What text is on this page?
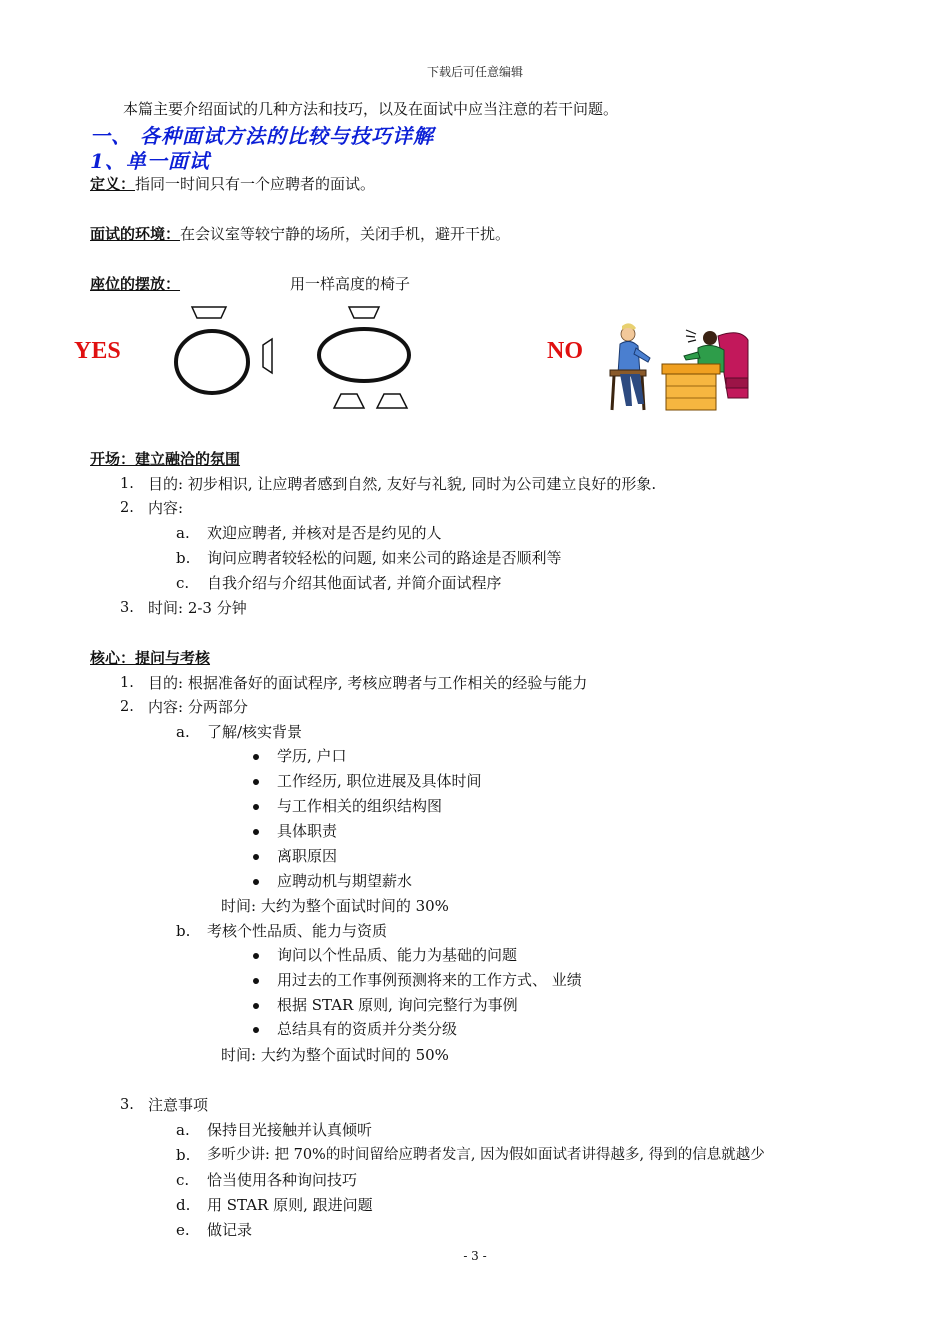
下载后可任意编辑
本篇主要介绍面试的几种方法和技巧，以及在面试中应当注意的若干问题。
一、 各种面试方法的比较与技巧详解
1、单一面试
定义：指同一时间只有一个应聘者的面试。
面试的环境：在会议室等较宁静的场所，关闭手机，避开干扰。
座位的摆放：	用一样高度的椅子
YES	NO
开场：建立融洽的氛围
1. 目的: 初步相识, 让应聘者感到自然, 友好与礼貌, 同时为公司建立良好的形象.
2. 内容:
a. 欢迎应聘者, 并核对是否是约见的人
b. 询问应聘者较轻松的问题, 如来公司的路途是否顺利等
c. 自我介绍与介绍其他面试者, 并简介面试程序
3. 时间: 2-3 分钟
核心：提问与考核
1. 目的: 根据准备好的面试程序, 考核应聘者与工作相关的经验与能力
2. 内容: 分两部分
a. 了解/核实背景
学历, 户口
工作经历, 职位进展及具体时间
与工作相关的组织结构图
具体职责
离职原因
应聘动机与期望薪水
时间: 大约为整个面试时间的 30%
b. 考核个性品质、能力与资质
询问以个性品质、能力为基础的问题
用过去的工作事例预测将来的工作方式、 业绩
根据 STAR 原则, 询问完整行为事例
总结具有的资质并分类分级
时间: 大约为整个面试时间的 50%
3. 注意事项
a. 保持目光接触并认真倾听
b. 多听少讲: 把 70%的时间留给应聘者发言, 因为假如面试者讲得越多, 得到的信息就越少
c. 恰当使用各种询问技巧
d. 用 STAR 原则, 跟进问题
e. 做记录
- 3 -
